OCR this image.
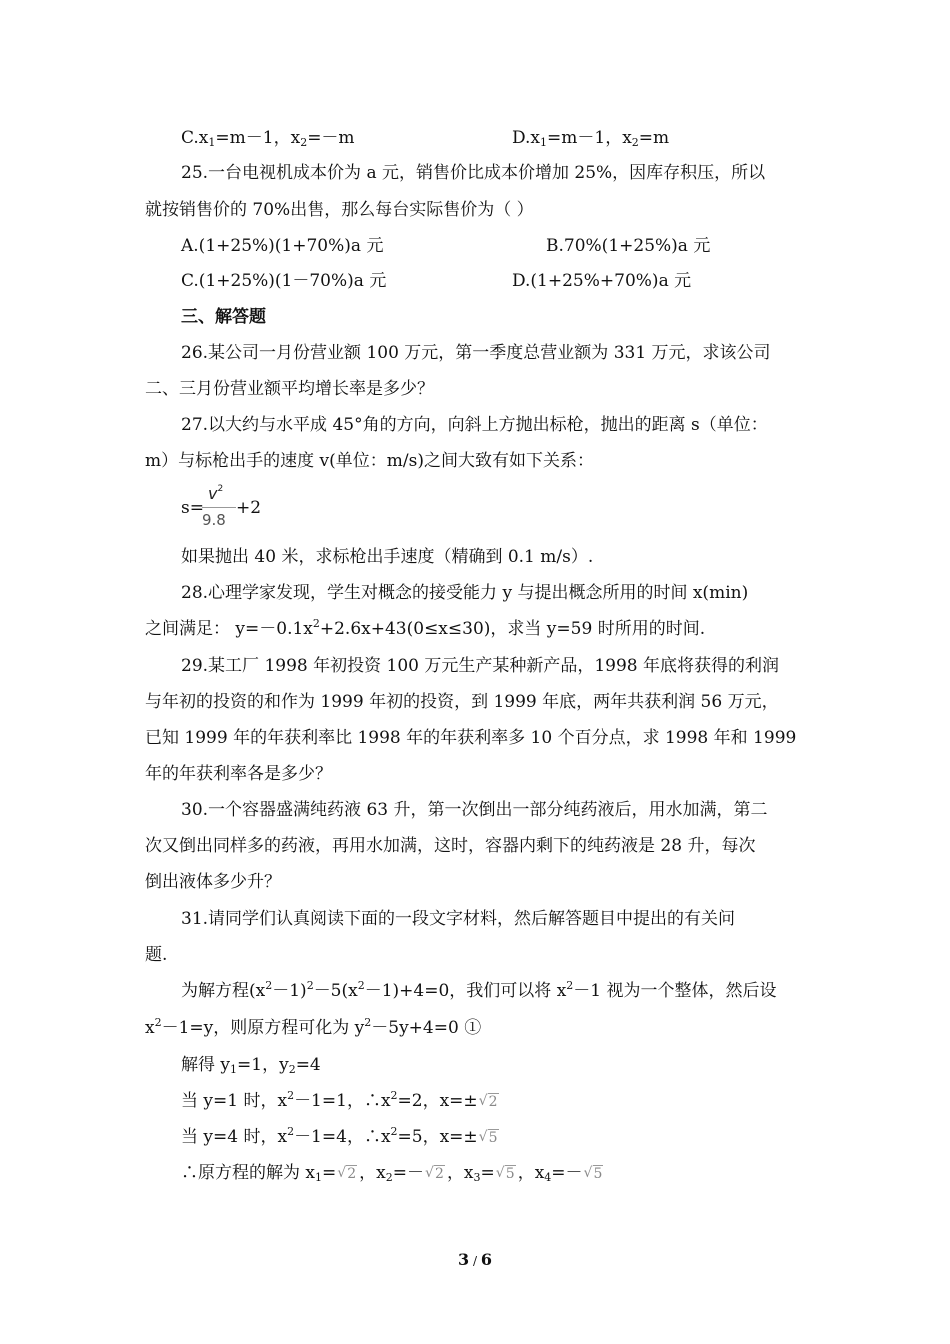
$C.x_1=m-1$，$x_2=-m$	$D.x_1=m-1$，$x_2=m$
25.一台电视机成本价为 a 元，销售价比成本价增加 25%，因库存积压，所以
就按销售价的 70%出售，那么每台实际售价为（ ）
A.(1+25%)(1+70%)a 元	B.70%(1+25%)a 元
C.(1+25%)(1－70%)a 元	D.(1+25%+70%)a 元
三、解答题
26.某公司一月份营业额 100 万元，第一季度总营业额为 331 万元，求该公司
二、三月份营业额平均增长率是多少？
27.以大约与水平成 45°角的方向，向斜上方抛出标枪，抛出的距离 s（单位：
m）与标枪出手的速度 v(单位：m/s)之间大致有如下关系：
s=
$v^2$
9.8
+2
如果抛出 40 米，求标枪出手速度（精确到 0.1 m/s）.
28.心理学家发现，学生对概念的接受能力 y 与提出概念所用的时间 x(min)
之间满足： $y=-0.1x^2+2.6x+43(0\le x\le 30)$，求当 y=59 时所用的时间.
29.某工厂 1998 年初投资 100 万元生产某种新产品，1998 年底将获得的利润
与年初的投资的和作为 1999 年初的投资，到 1999 年底，两年共获利润 56 万元，
已知 1999 年的年获利率比 1998 年的年获利率多 10 个百分点，求 1998 年和 1999
年的年获利率各是多少？
30.一个容器盛满纯药液 63 升，第一次倒出一部分纯药液后，用水加满，第二
次又倒出同样多的药液，再用水加满，这时，容器内剩下的纯药液是 28 升，每次
倒出液体多少升？
31.请同学们认真阅读下面的一段文字材料，然后解答题目中提出的有关问
题.
为解方程$(x^2-1)^2-5(x^2-1)+4=0$，我们可以将 $x^2-1$ 视为一个整体，然后设
$x^2-1=y$，则原方程可化为 $y^2-5y+4=0$ ①
解得 $y_1=1$，$y_2=4$
当 y=1 时，$x^2-1=1$，$\therefore x^2=2$，x=±√ 2
当 y=4 时，$x^2-1=4$，$\therefore x^2=5$，x=±√ 5
∴原方程的解为 $x_1=√$ 2 ，$x_2=-√$ 2 ，$x_3=√$ 5 ，$x_4=-√$ 5
3 / 6
